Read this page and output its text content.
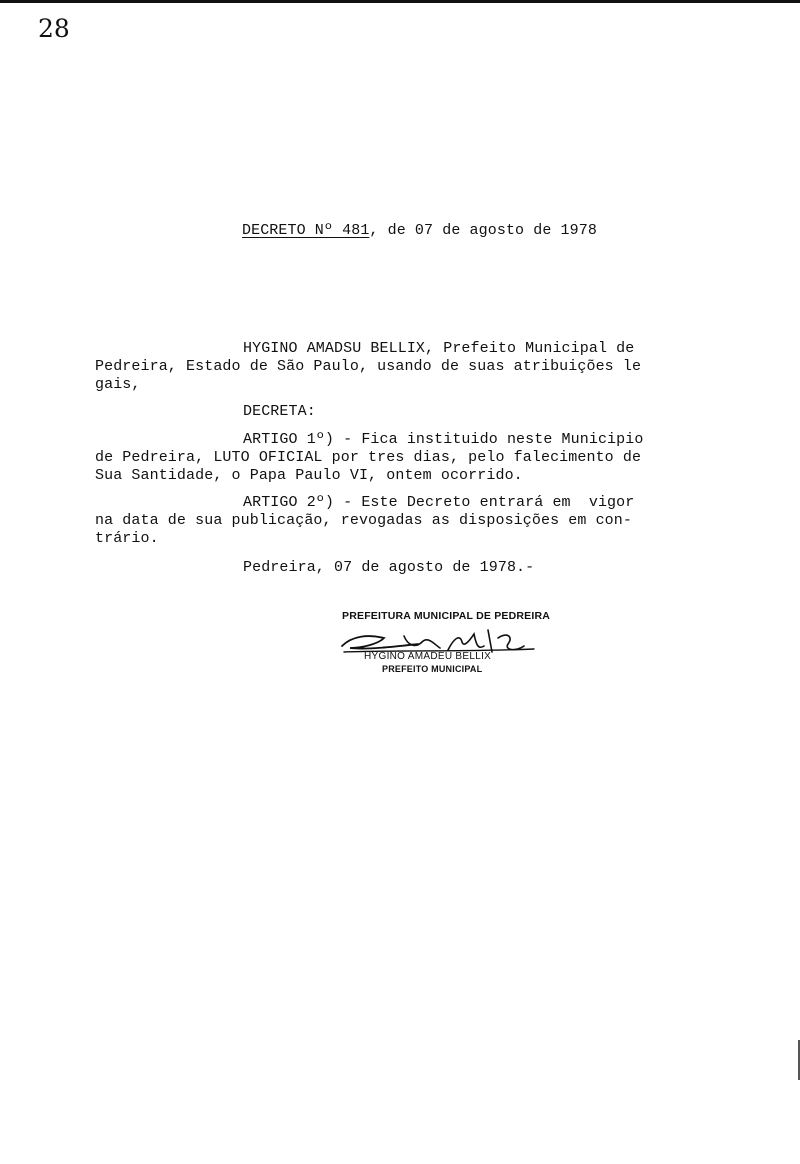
28
DECRETO Nº 481, de 07 de agosto de 1978
HYGINO AMADSU BELLIX, Prefeito Municipal de
Pedreira, Estado de São Paulo, usando de suas atribuições le
gais,
DECRETA:
ARTIGO 1º) - Fica instituido neste Municipio
de Pedreira, LUTO OFICIAL por tres dias, pelo falecimento de
Sua Santidade, o Papa Paulo VI, ontem ocorrido.
ARTIGO 2º) - Este Decreto entrará em  vigor
na data de sua publicação, revogadas as disposições em con-
trário.
Pedreira, 07 de agosto de 1978.-
PREFEITURA MUNICIPAL DE PEDREIRA
HYGINO AMADEU BELLIX
PREFEITO MUNICIPAL
